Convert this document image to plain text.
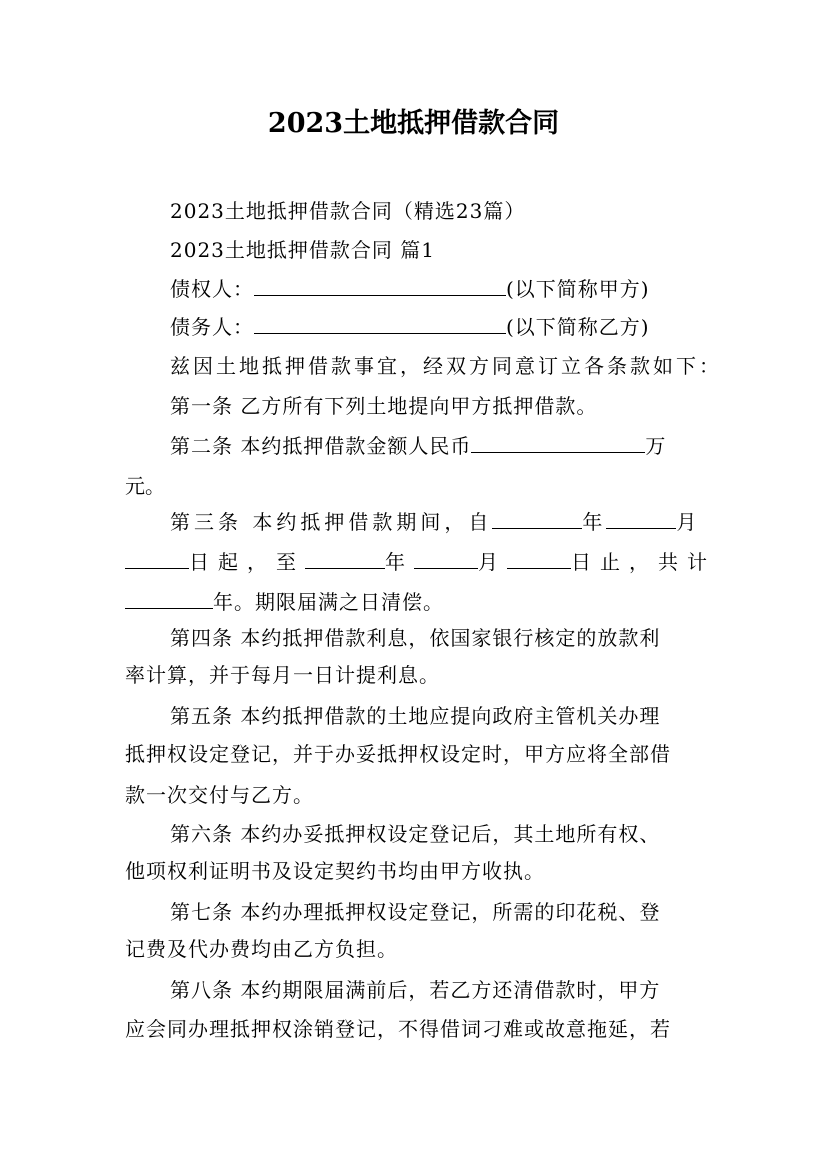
2023土地抵押借款合同
2023土地抵押借款合同（精选23篇）
2023土地抵押借款合同 篇1
债权人：	(以下简称甲方)
债务人：	(以下简称乙方)
兹因土地抵押借款事宜，经双方同意订立各条款如下：
第一条 乙方所有下列土地提向甲方抵押借款。
第二条 本约抵押借款金额人民币	万
元。
第三条 本约抵押借款期间，自	年	月
日起，至	年	月	日止，共计
年。期限届满之日清偿。
第四条 本约抵押借款利息，依国家银行核定的放款利
率计算，并于每月一日计提利息。
第五条 本约抵押借款的土地应提向政府主管机关办理
抵押权设定登记，并于办妥抵押权设定时，甲方应将全部借
款一次交付与乙方。
第六条 本约办妥抵押权设定登记后，其土地所有权、
他项权利证明书及设定契约书均由甲方收执。
第七条 本约办理抵押权设定登记，所需的印花税、登
记费及代办费均由乙方负担。
第八条 本约期限届满前后，若乙方还清借款时，甲方
应会同办理抵押权涂销登记，不得借词刁难或故意拖延，若
